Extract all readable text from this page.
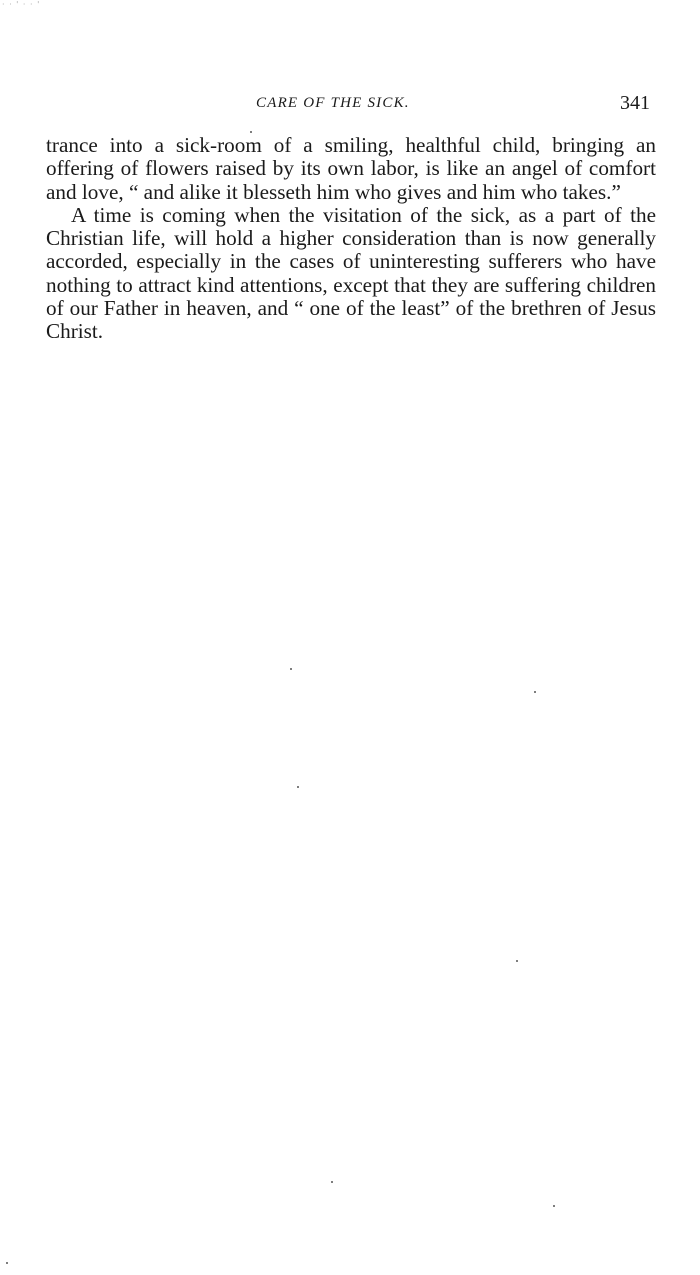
· · ' · · '
CARE OF THE SICK.	341

trance into a sick-room of a smiling, healthful child, bringing an offering of flowers raised by its own labor, is like an angel of comfort and love, “ and alike it blesseth him who gives and him who takes.”

A time is coming when the visitation of the sick, as a part of the Christian life, will hold a higher consideration than is now generally accorded, especially in the cases of uninteresting sufferers who have nothing to attract kind attentions, except that they are suffering children of our Father in heaven, and “ one of the least” of the brethren of Jesus Christ.
